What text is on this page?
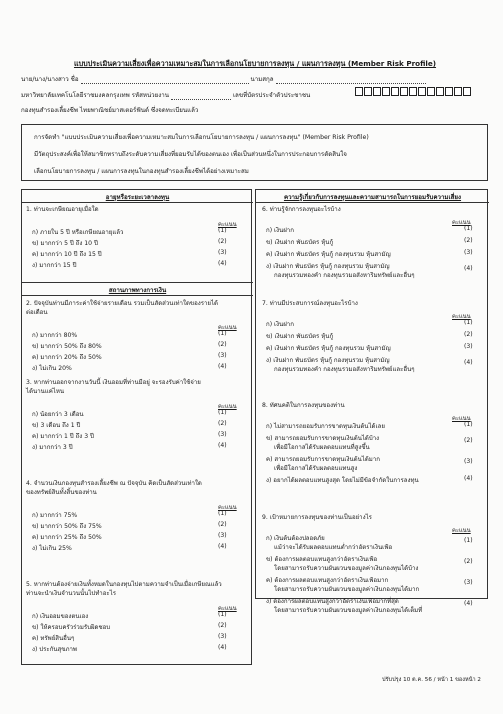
แบบประเมินความเสี่ยงเพื่อความเหมาะสมในการเลือกนโยบายการลงทุน / แผนการลงทุน (Member Risk Profile)
นาย/นาง/นางสาว ชื่อ	นามสกุล
มหาวิทยาลัยเทคโนโลยีราชมงคลกรุงเทพ รหัสหน่วยงาน	เลขที่บัตรประจำตัวประชาชน
กองทุนสำรองเลี้ยงชีพ ไทยพาณิชย์มาสเตอร์ฟันด์ ซึ่งจดทะเบียนแล้ว
การจัดทำ "แบบประเมินความเสี่ยงเพื่อความเหมาะสมในการเลือกนโยบายการลงทุน / แผนการลงทุน" (Member Risk Profile)
มีวัตถุประสงค์เพื่อให้สมาชิกทราบถึงระดับความเสี่ยงที่ยอมรับได้ของตนเอง เพื่อเป็นส่วนหนึ่งในการประกอบการตัดสินใจ
เลือกนโยบายการลงทุน / แผนการลงทุนในกองทุนสำรองเลี้ยงชีพได้อย่างเหมาะสม
อายุหรือระยะเวลาลงทุน
สถานภาพทางการเงิน
1. ท่านจะเกษียณอายุเมื่อใด
คะแนน
ก) ภายใน 5 ปี หรือเกษียณอายุแล้ว	(1)
ข) มากกว่า 5 ปี ถึง 10 ปี	(2)
ค) มากกว่า 10 ปี ถึง 15 ปี	(3)
ง) มากกว่า 15 ปี	(4)
2. ปัจจุบันท่านมีภาระค่าใช้จ่ายรายเดือน รวมเป็นสัดส่วนเท่าใดของรายได้
ต่อเดือน
คะแนน
ก) มากกว่า 80%	(1)
ข) มากกว่า 50% ถึง 80%	(2)
ค) มากกว่า 20% ถึง 50%	(3)
ง) ไม่เกิน 20%	(4)
3. หากท่านออกจากงานวันนี้ เงินออมที่ท่านมีอยู่ จะรองรับค่าใช้จ่าย
ได้นานแค่ไหน
คะแนน
ก) น้อยกว่า 3 เดือน	(1)
ข) 3 เดือน ถึง 1 ปี	(2)
ค) มากกว่า 1 ปี ถึง 3 ปี	(3)
ง) มากกว่า 3 ปี	(4)
4. จำนวนเงินกองทุนสำรองเลี้ยงชีพ ณ ปัจจุบัน คิดเป็นสัดส่วนเท่าใด
ของทรัพย์สินทั้งสิ้นของท่าน
คะแนน
ก) มากกว่า 75%	(1)
ข) มากกว่า 50% ถึง 75%	(2)
ค) มากกว่า 25% ถึง 50%	(3)
ง) ไม่เกิน 25%	(4)
5. หากท่านต้องจ่ายเงินทั้งหมดในกองทุนไปตามความจำเป็นเมื่อเกษียณแล้ว
ท่านจะนำเงินจำนวนนั้นไปทำอะไร
คะแนน
ก) เงินออมของตนเอง	(1)
ข) ให้ครอบครัวร่วมรับผิดชอบ	(2)
ค) ทรัพย์สินอื่นๆ	(3)
ง) ประกันสุขภาพ	(4)
ความรู้เกี่ยวกับการลงทุนและความสามารถในการยอมรับความเสี่ยง
6. ท่านรู้จักการลงทุนอะไรบ้าง
คะแนน
ก) เงินฝาก	(1)
ข) เงินฝาก พันธบัตร หุ้นกู้	(2)
ค) เงินฝาก พันธบัตร หุ้นกู้ กองทุนรวม หุ้นสามัญ	(3)
ง) เงินฝาก พันธบัตร หุ้นกู้ กองทุนรวม หุ้นสามัญ
กองทุนรวมทองคำ กองทุนรวมอสังหาริมทรัพย์และอื่นๆ
(4)
7. ท่านมีประสบการณ์ลงทุนอะไรบ้าง
คะแนน
ก) เงินฝาก	(1)
ข) เงินฝาก พันธบัตร หุ้นกู้	(2)
ค) เงินฝาก พันธบัตร หุ้นกู้ กองทุนรวม หุ้นสามัญ	(3)
ง) เงินฝาก พันธบัตร หุ้นกู้ กองทุนรวม หุ้นสามัญ
กองทุนรวมทองคำ กองทุนรวมอสังหาริมทรัพย์และอื่นๆ
(4)
8. ทัศนคติในการลงทุนของท่าน
คะแนน
ก) ไม่สามารถยอมรับการขาดทุนเงินต้นได้เลย	(1)
ข) สามารถยอมรับการขาดทุนเงินต้นได้บ้าง
เพื่อมีโอกาสได้รับผลตอบแทนที่สูงขึ้น
(2)
ค) สามารถยอมรับการขาดทุนเงินต้นได้มาก
เพื่อมีโอกาสได้รับผลตอบแทนสูง
(3)
ง) อยากได้ผลตอบแทนสูงสุด โดยไม่มีข้อจำกัดในการลงทุน	(4)
9. เป้าหมายการลงทุนของท่านเป็นอย่างไร
คะแนน
ก) เงินต้นต้องปลอดภัย
แม้ว่าจะได้รับผลตอบแทนต่ำกว่าอัตราเงินเฟ้อ
(1)
ข) ต้องการผลตอบแทนสูงกว่าอัตราเงินเฟ้อ
โดยสามารถรับความผันผวนของมูลค่าเงินกองทุนได้บ้าง
(2)
ค) ต้องการผลตอบแทนสูงกว่าอัตราเงินเฟ้อมาก
โดยสามารถรับความผันผวนของมูลค่าเงินกองทุนได้มาก
(3)
ง) ต้องการผลตอบแทนสูงกว่าอัตราเงินเฟ้อมากที่สุด
โดยสามารถรับความผันผวนของมูลค่าเงินกองทุนได้เต็มที่
(4)
ปรับปรุง 10 ต.ค. 56 / หน้า 1 ของหน้า 2
